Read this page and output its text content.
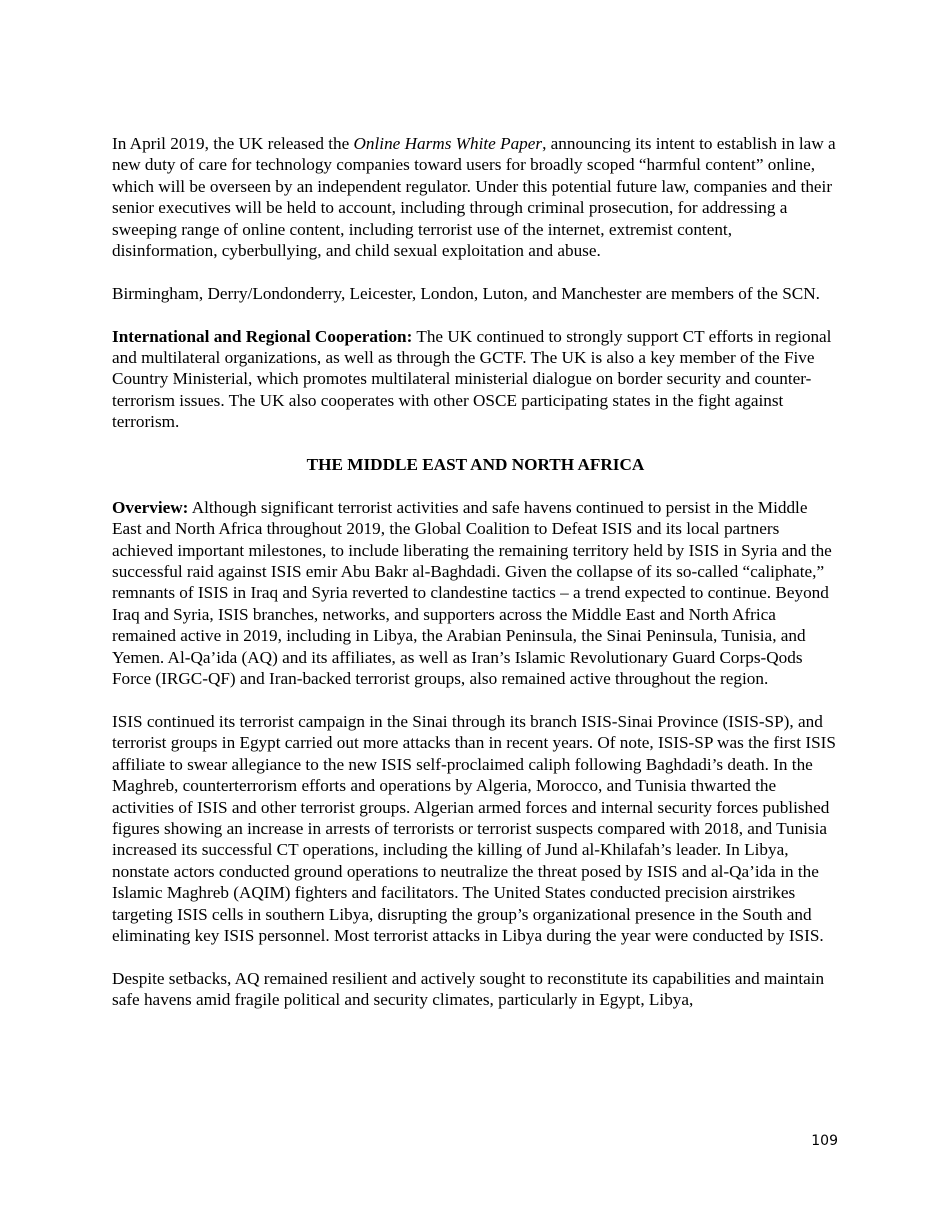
In April 2019, the UK released the Online Harms White Paper, announcing its intent to establish in law a new duty of care for technology companies toward users for broadly scoped “harmful content” online, which will be overseen by an independent regulator. Under this potential future law, companies and their senior executives will be held to account, including through criminal prosecution, for addressing a sweeping range of online content, including terrorist use of the internet, extremist content, disinformation, cyberbullying, and child sexual exploitation and abuse.

Birmingham, Derry/Londonderry, Leicester, London, Luton, and Manchester are members of the SCN.

International and Regional Cooperation: The UK continued to strongly support CT efforts in regional and multilateral organizations, as well as through the GCTF. The UK is also a key member of the Five Country Ministerial, which promotes multilateral ministerial dialogue on border security and counter-terrorism issues. The UK also cooperates with other OSCE participating states in the fight against terrorism.

THE MIDDLE EAST AND NORTH AFRICA

Overview: Although significant terrorist activities and safe havens continued to persist in the Middle East and North Africa throughout 2019, the Global Coalition to Defeat ISIS and its local partners achieved important milestones, to include liberating the remaining territory held by ISIS in Syria and the successful raid against ISIS emir Abu Bakr al-Baghdadi. Given the collapse of its so-called “caliphate,” remnants of ISIS in Iraq and Syria reverted to clandestine tactics – a trend expected to continue. Beyond Iraq and Syria, ISIS branches, networks, and supporters across the Middle East and North Africa remained active in 2019, including in Libya, the Arabian Peninsula, the Sinai Peninsula, Tunisia, and Yemen. Al-Qa’ida (AQ) and its affiliates, as well as Iran’s Islamic Revolutionary Guard Corps-Qods Force (IRGC-QF) and Iran-backed terrorist groups, also remained active throughout the region.

ISIS continued its terrorist campaign in the Sinai through its branch ISIS-Sinai Province (ISIS-SP), and terrorist groups in Egypt carried out more attacks than in recent years. Of note, ISIS-SP was the first ISIS affiliate to swear allegiance to the new ISIS self-proclaimed caliph following Baghdadi’s death. In the Maghreb, counterterrorism efforts and operations by Algeria, Morocco, and Tunisia thwarted the activities of ISIS and other terrorist groups. Algerian armed forces and internal security forces published figures showing an increase in arrests of terrorists or terrorist suspects compared with 2018, and Tunisia increased its successful CT operations, including the killing of Jund al-Khilafah’s leader. In Libya, nonstate actors conducted ground operations to neutralize the threat posed by ISIS and al-Qa’ida in the Islamic Maghreb (AQIM) fighters and facilitators. The United States conducted precision airstrikes targeting ISIS cells in southern Libya, disrupting the group’s organizational presence in the South and eliminating key ISIS personnel. Most terrorist attacks in Libya during the year were conducted by ISIS.

Despite setbacks, AQ remained resilient and actively sought to reconstitute its capabilities and maintain safe havens amid fragile political and security climates, particularly in Egypt, Libya,

109
